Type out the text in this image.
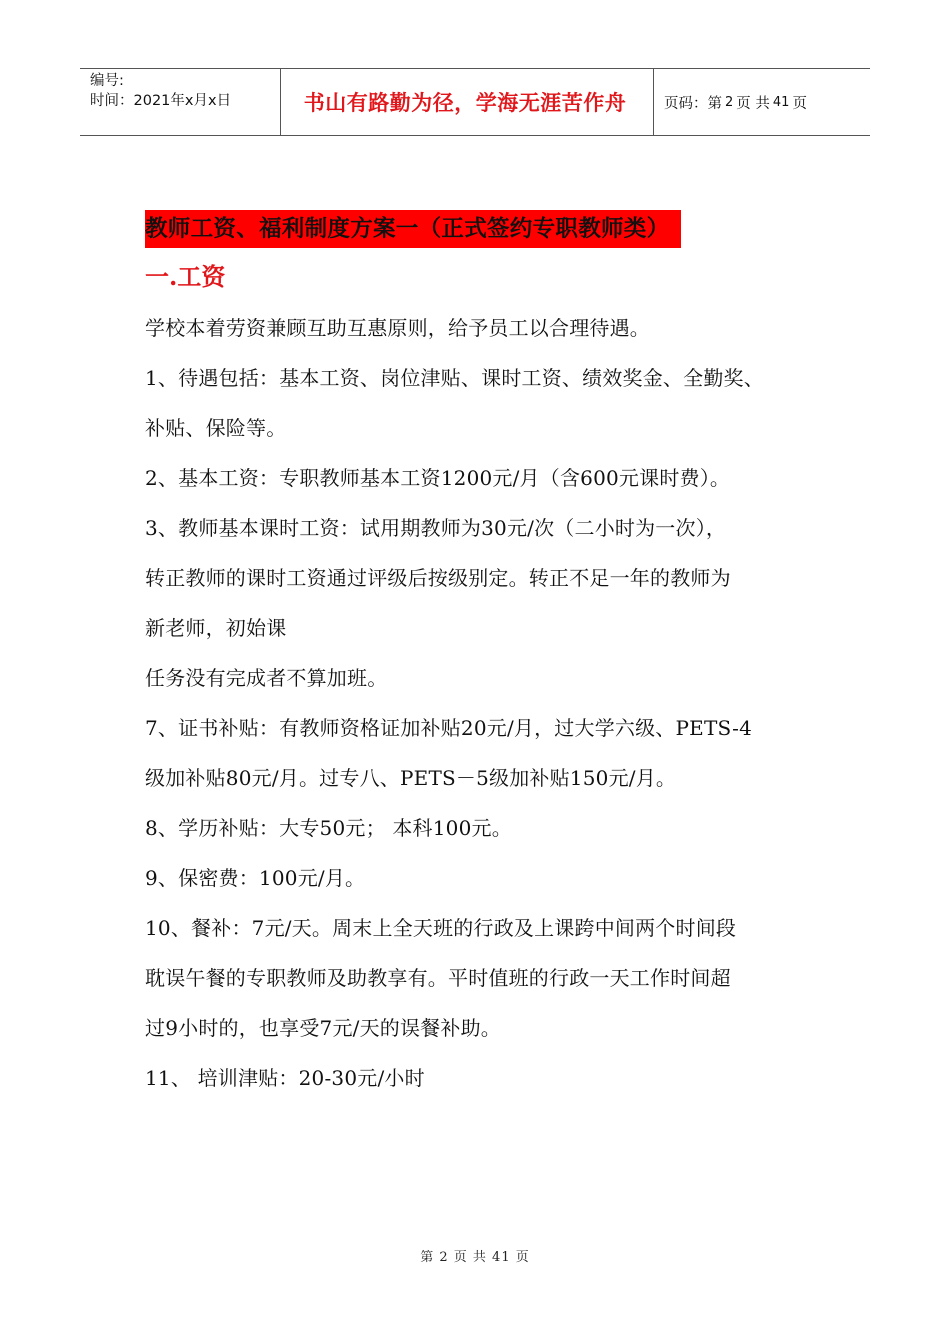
编号:
时间：2021年x月x日	书山有路勤为径，学海无涯苦作舟	页码：第 2 页 共 41 页
教师工资、福利制度方案一（正式签约专职教师类）
一.工资
学校本着劳资兼顾互助互惠原则，给予员工以合理待遇。
1、待遇包括：基本工资、岗位津贴、课时工资、绩效奖金、全勤奖、
补贴、保险等。
2、基本工资：专职教师基本工资1200元/月（含600元课时费）。
3、教师基本课时工资：试用期教师为30元/次（二小时为一次），
转正教师的课时工资通过评级后按级别定。转正不足一年的教师为
新老师，初始课
任务没有完成者不算加班。
7、证书补贴：有教师资格证加补贴20元/月，过大学六级、PETS-4
级加补贴80元/月。过专八、PETS－5级加补贴150元/月。
8、学历补贴：大专50元； 本科100元。
9、保密费：100元/月。
10、餐补：7元/天。周末上全天班的行政及上课跨中间两个时间段
耽误午餐的专职教师及助教享有。平时值班的行政一天工作时间超
过9小时的，也享受7元/天的误餐补助。
11、 培训津贴：20-30元/小时
第 2 页 共 41 页
